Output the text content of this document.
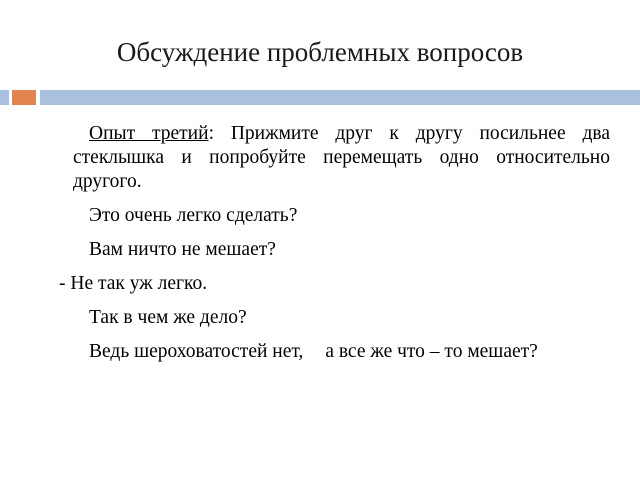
Обсуждение проблемных вопросов

Опыт третий: Прижмите друг к другу посильнее два стеклышка и попробуйте перемещать одно относительно другого.

Это очень легко сделать?

Вам ничто не мешает?

- Не так уж легко.

Так в чем же дело?

Ведь шероховатостей нет, а все же что – то мешает?
